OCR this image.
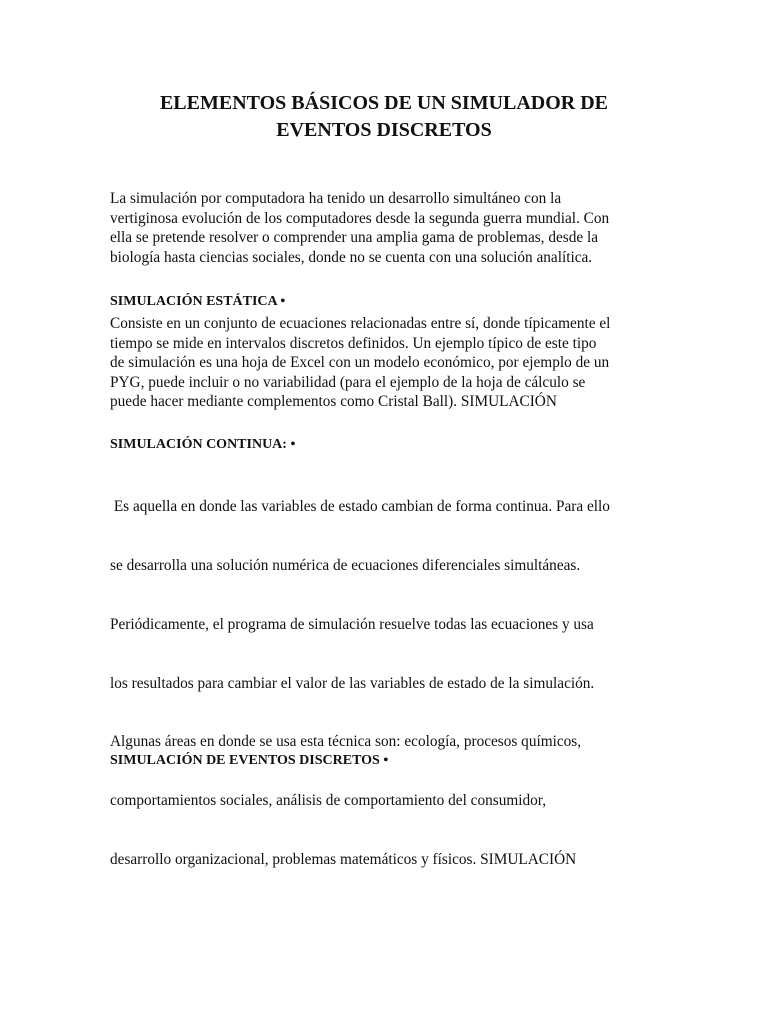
ELEMENTOS BÁSICOS DE UN SIMULADOR DE
EVENTOS DISCRETOS

La simulación por computadora ha tenido un desarrollo simultáneo con la
vertiginosa evolución de los computadores desde la segunda guerra mundial. Con
ella se pretende resolver o comprender una amplia gama de problemas, desde la
biología hasta ciencias sociales, donde no se cuenta con una solución analítica.

SIMULACIÓN ESTÁTICA •

Consiste en un conjunto de ecuaciones relacionadas entre sí, donde típicamente el
tiempo se mide en intervalos discretos definidos. Un ejemplo típico de este tipo
de simulación es una hoja de Excel con un modelo económico, por ejemplo de un
PYG, puede incluir o no variabilidad (para el ejemplo de la hoja de cálculo se
puede hacer mediante complementos como Cristal Ball). SIMULACIÓN

SIMULACIÓN CONTINUA: •

Es aquella en donde las variables de estado cambian de forma continua. Para ello

se desarrolla una solución numérica de ecuaciones diferenciales simultáneas.

Periódicamente, el programa de simulación resuelve todas las ecuaciones y usa

los resultados para cambiar el valor de las variables de estado de la simulación.

Algunas áreas en donde se usa esta técnica son: ecología, procesos químicos,

comportamientos sociales, análisis de comportamiento del consumidor,

desarrollo organizacional, problemas matemáticos y físicos. SIMULACIÓN

SIMULACIÓN DE EVENTOS DISCRETOS •
